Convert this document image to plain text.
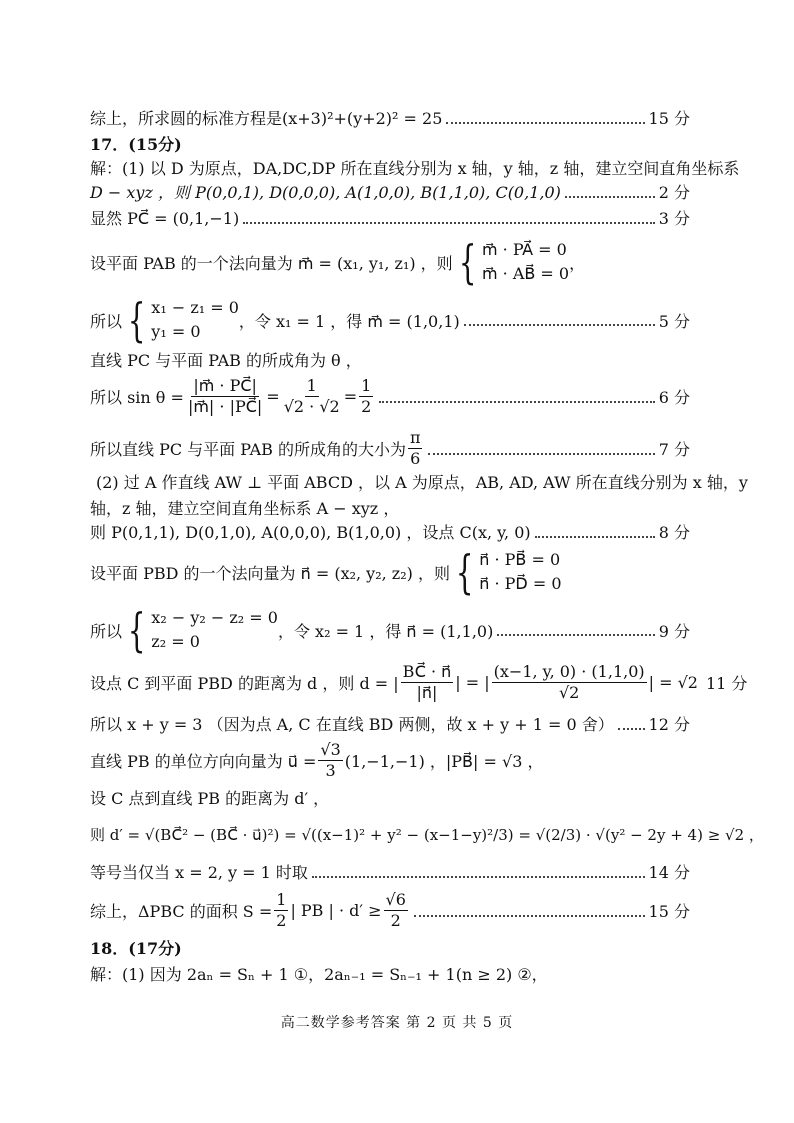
综上，所求圆的标准方程是(x+3)²+(y+2)² = 25	15 分
17．(15分)
解：(1) 以 D 为原点，DA,DC,DP 所在直线分别为 x 轴，y 轴，z 轴，建立空间直角坐标系
D − xyz ，则 P(0,0,1), D(0,0,0), A(1,0,0), B(1,1,0), C(0,1,0)	2 分
显然 PC⃗ = (0,1,−1)	3 分
设平面 PAB 的一个法向量为 m⃗ = (x₁, y₁, z₁) ，则 { m⃗ · PA⃗ = 0
m⃗ · AB⃗ = 0
，
所以 { x₁ − z₁ = 0
y₁ = 0
，令 x₁ = 1 ，得 m⃗ = (1,0,1)	5 分
直线 PC 与平面 PAB 的所成角为 θ ，
所以 $\sin \theta = \frac{|m⃗ \cdot PC⃗|}{|m⃗| \cdot |PC⃗|} = \frac{1}{√2 \cdot √2} = \frac{1}{2}$	6 分
所以直线 PC 与平面 PAB 的所成角的大小为 $\frac{\pi}{6}$	7 分
(2) 过 A 作直线 AW ⊥ 平面 ABCD ，以 A 为原点，AB, AD, AW 所在直线分别为 x 轴，y
轴，z 轴，建立空间直角坐标系 A − xyz ，
则 P(0,1,1), D(0,1,0), A(0,0,0), B(1,0,0) ，设点 C(x, y, 0)	8 分
设平面 PBD 的一个法向量为 n⃗ = (x₂, y₂, z₂) ，则 { n⃗ · PB⃗ = 0
n⃗ · PD⃗ = 0
所以 { x₂ − y₂ − z₂ = 0
z₂ = 0
，令 x₂ = 1 ，得 n⃗ = (1,1,0)	9 分
设点 C 到平面 PBD 的距离为 d ，则 d = | $\frac{BC⃗ \cdot n⃗}{|n⃗|}$ | = | $\frac{(x-1, y, 0) \cdot (1,1,0)}{√2}$ | = √2 11 分
所以 x + y = 3 （因为点 A, C 在直线 BD 两侧，故 x + y + 1 = 0 舍） 12 分
直线 PB 的单位方向向量为 u⃗ = $\frac{√3}{3} (1,-1,-1)$ ，|PB⃗| = √3 ，
设 C 点到直线 PB 的距离为 d′ ，
则 d′ = √(BC⃗² − (BC⃗ · u⃗)²) = √((x−1)² + y² − (x−1−y)²/3) = √(2/3) · √(y² − 2y + 4) ≥ √2 ，
等号当仅当 x = 2, y = 1 时取	14 分
综上，ΔPBC 的面积 $S = \frac{1}{2}$ | PB | · $d' \ge \frac{√6}{2}$	15 分
18．(17分)
解：(1) 因为 2aₙ = Sₙ + 1 ①，2aₙ₋₁ = Sₙ₋₁ + 1(n ≥ 2) ②，
高二数学参考答案 第 2 页 共 5 页
